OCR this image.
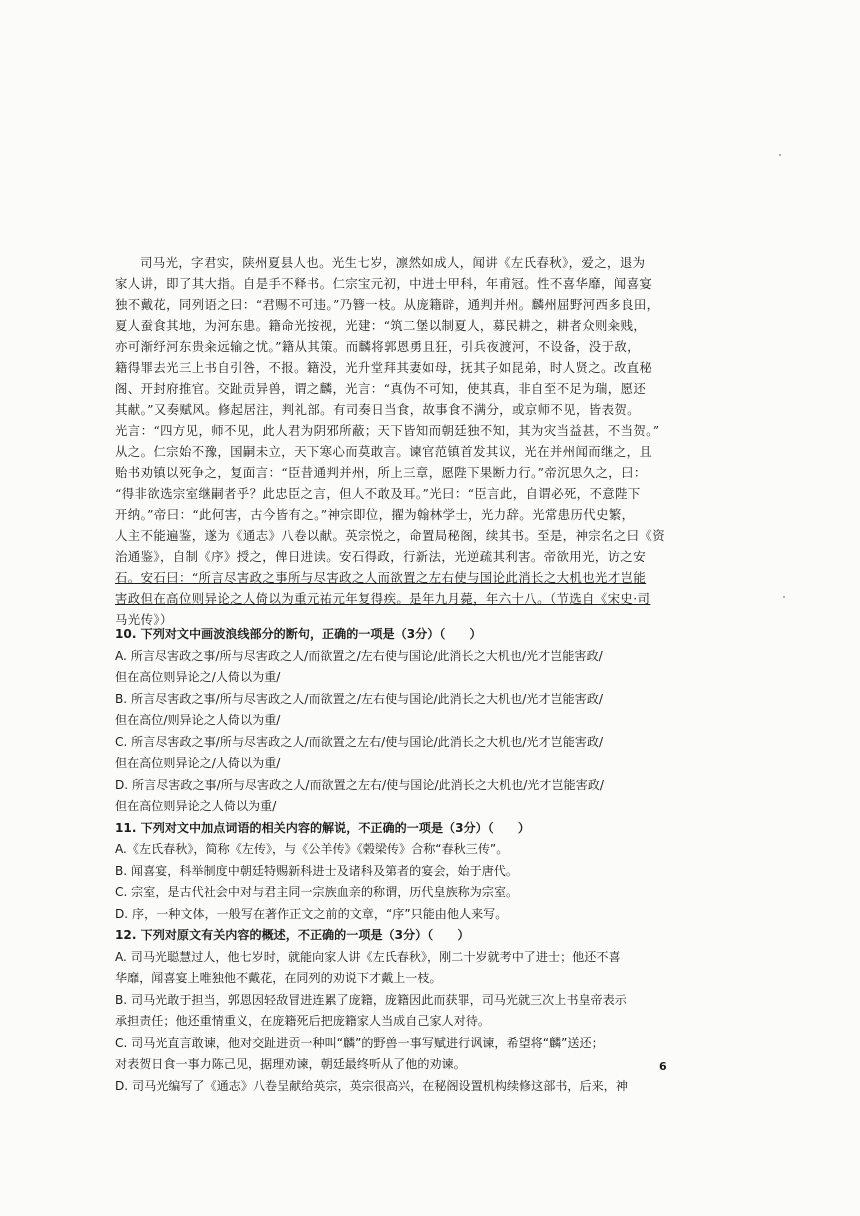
司马光，字君实，陕州夏县人也。光生七岁，凛然如成人，闻讲《左氏春秋》，爱之，退为
家人讲，即了其大指。自是手不释书。仁宗宝元初，中进士甲科，年甫冠。性不喜华靡，闻喜宴
独不戴花，同列语之曰：“君赐不可违。”乃簪一枝。从庞籍辟，通判并州。麟州屈野河西多良田，
夏人蚕食其地，为河东患。籍命光按视，光建：“筑二堡以制夏人，募民耕之，耕者众则籴贱，
亦可渐纾河东贵籴远输之忧。”籍从其策。而麟将郭恩勇且狂，引兵夜渡河，不设备，没于敌，
籍得罪去光三上书自引咎，不报。籍没，光升堂拜其妻如母，抚其子如昆弟，时人贤之。改直秘
阁、开封府推官。交趾贡异兽，谓之麟，光言：“真伪不可知，使其真，非自至不足为瑞，愿还
其献。”又奏赋风。修起居注，判礼部。有司奏日当食，故事食不满分，或京师不见，皆表贺。
光言：“四方见，师不见，此人君为阴邪所蔽；天下皆知而朝廷独不知，其为灾当益甚，不当贺。”
从之。仁宗始不豫，国嗣未立，天下寒心而莫敢言。谏官范镇首发其议，光在并州闻而继之，且
贻书劝镇以死争之，复面言：“臣昔通判并州，所上三章，愿陛下果断力行。”帝沉思久之，曰：
“得非欲选宗室继嗣者乎？此忠臣之言，但人不敢及耳。”光曰：“臣言此，自谓必死，不意陛下
开纳。”帝曰：“此何害，古今皆有之。”神宗即位，擢为翰林学士，光力辞。光常患历代史繁，
人主不能遍鉴，遂为《通志》八卷以献。英宗悦之，命置局秘阁，续其书。至是，神宗名之曰《资
治通鉴》，自制《序》授之，俾日进读。安石得政，行新法，光逆疏其利害。帝欲用光，访之安
石。安石曰：“所言尽害政之事所与尽害政之人而欲置之左右使与国论此消长之大机也光才岂能
害政但在高位则异论之人倚以为重元祐元年复得疾。是年九月薨，年六十八。（节选自《宋史·司
马光传》）
10. 下列对文中画波浪线部分的断句，正确的一项是（3分）（　　）
A. 所言尽害政之事/所与尽害政之人/而欲置之/左右使与国论/此消长之大机也/光才岂能害政/
但在高位则异论之/人倚以为重/
B. 所言尽害政之事/所与尽害政之人/而欲置之/左右使与国论/此消长之大机也/光才岂能害政/
但在高位/则异论之人倚以为重/
C. 所言尽害政之事/所与尽害政之人/而欲置之左右/使与国论/此消长之大机也/光才岂能害政/
但在高位则异论之/人倚以为重/
D. 所言尽害政之事/所与尽害政之人/而欲置之左右/使与国论/此消长之大机也/光才岂能害政/
但在高位则异论之人倚以为重/
11. 下列对文中加点词语的相关内容的解说，不正确的一项是（3分）（　　）
A.《左氏春秋》，简称《左传》，与《公羊传》《榖梁传》合称“春秋三传”。
B. 闻喜宴，科举制度中朝廷特赐新科进士及诸科及第者的宴会，始于唐代。
C. 宗室，是古代社会中对与君主同一宗族血亲的称谓，历代皇族称为宗室。
D. 序，一种文体，一般写在著作正文之前的文章，“序”只能由他人来写。
12. 下列对原文有关内容的概述，不正确的一项是（3分）（　　）
A. 司马光聪慧过人，他七岁时，就能向家人讲《左氏春秋》，刚二十岁就考中了进士；他还不喜
华靡，闻喜宴上唯独他不戴花，在同列的劝说下才戴上一枝。
B. 司马光敢于担当，郭恩因轻敌冒进连累了庞籍，庞籍因此而获罪，司马光就三次上书皇帝表示
承担责任；他还重情重义，在庞籍死后把庞籍家人当成自己家人对待。
C. 司马光直言敢谏，他对交趾进贡一种叫“麟”的野兽一事写赋进行讽谏，希望将“麟”送还；
对表贺日食一事力陈己见，据理劝谏，朝廷最终听从了他的劝谏。
D. 司马光编写了《通志》八卷呈献给英宗，英宗很高兴，在秘阁设置机构续修这部书，后来，神
6
